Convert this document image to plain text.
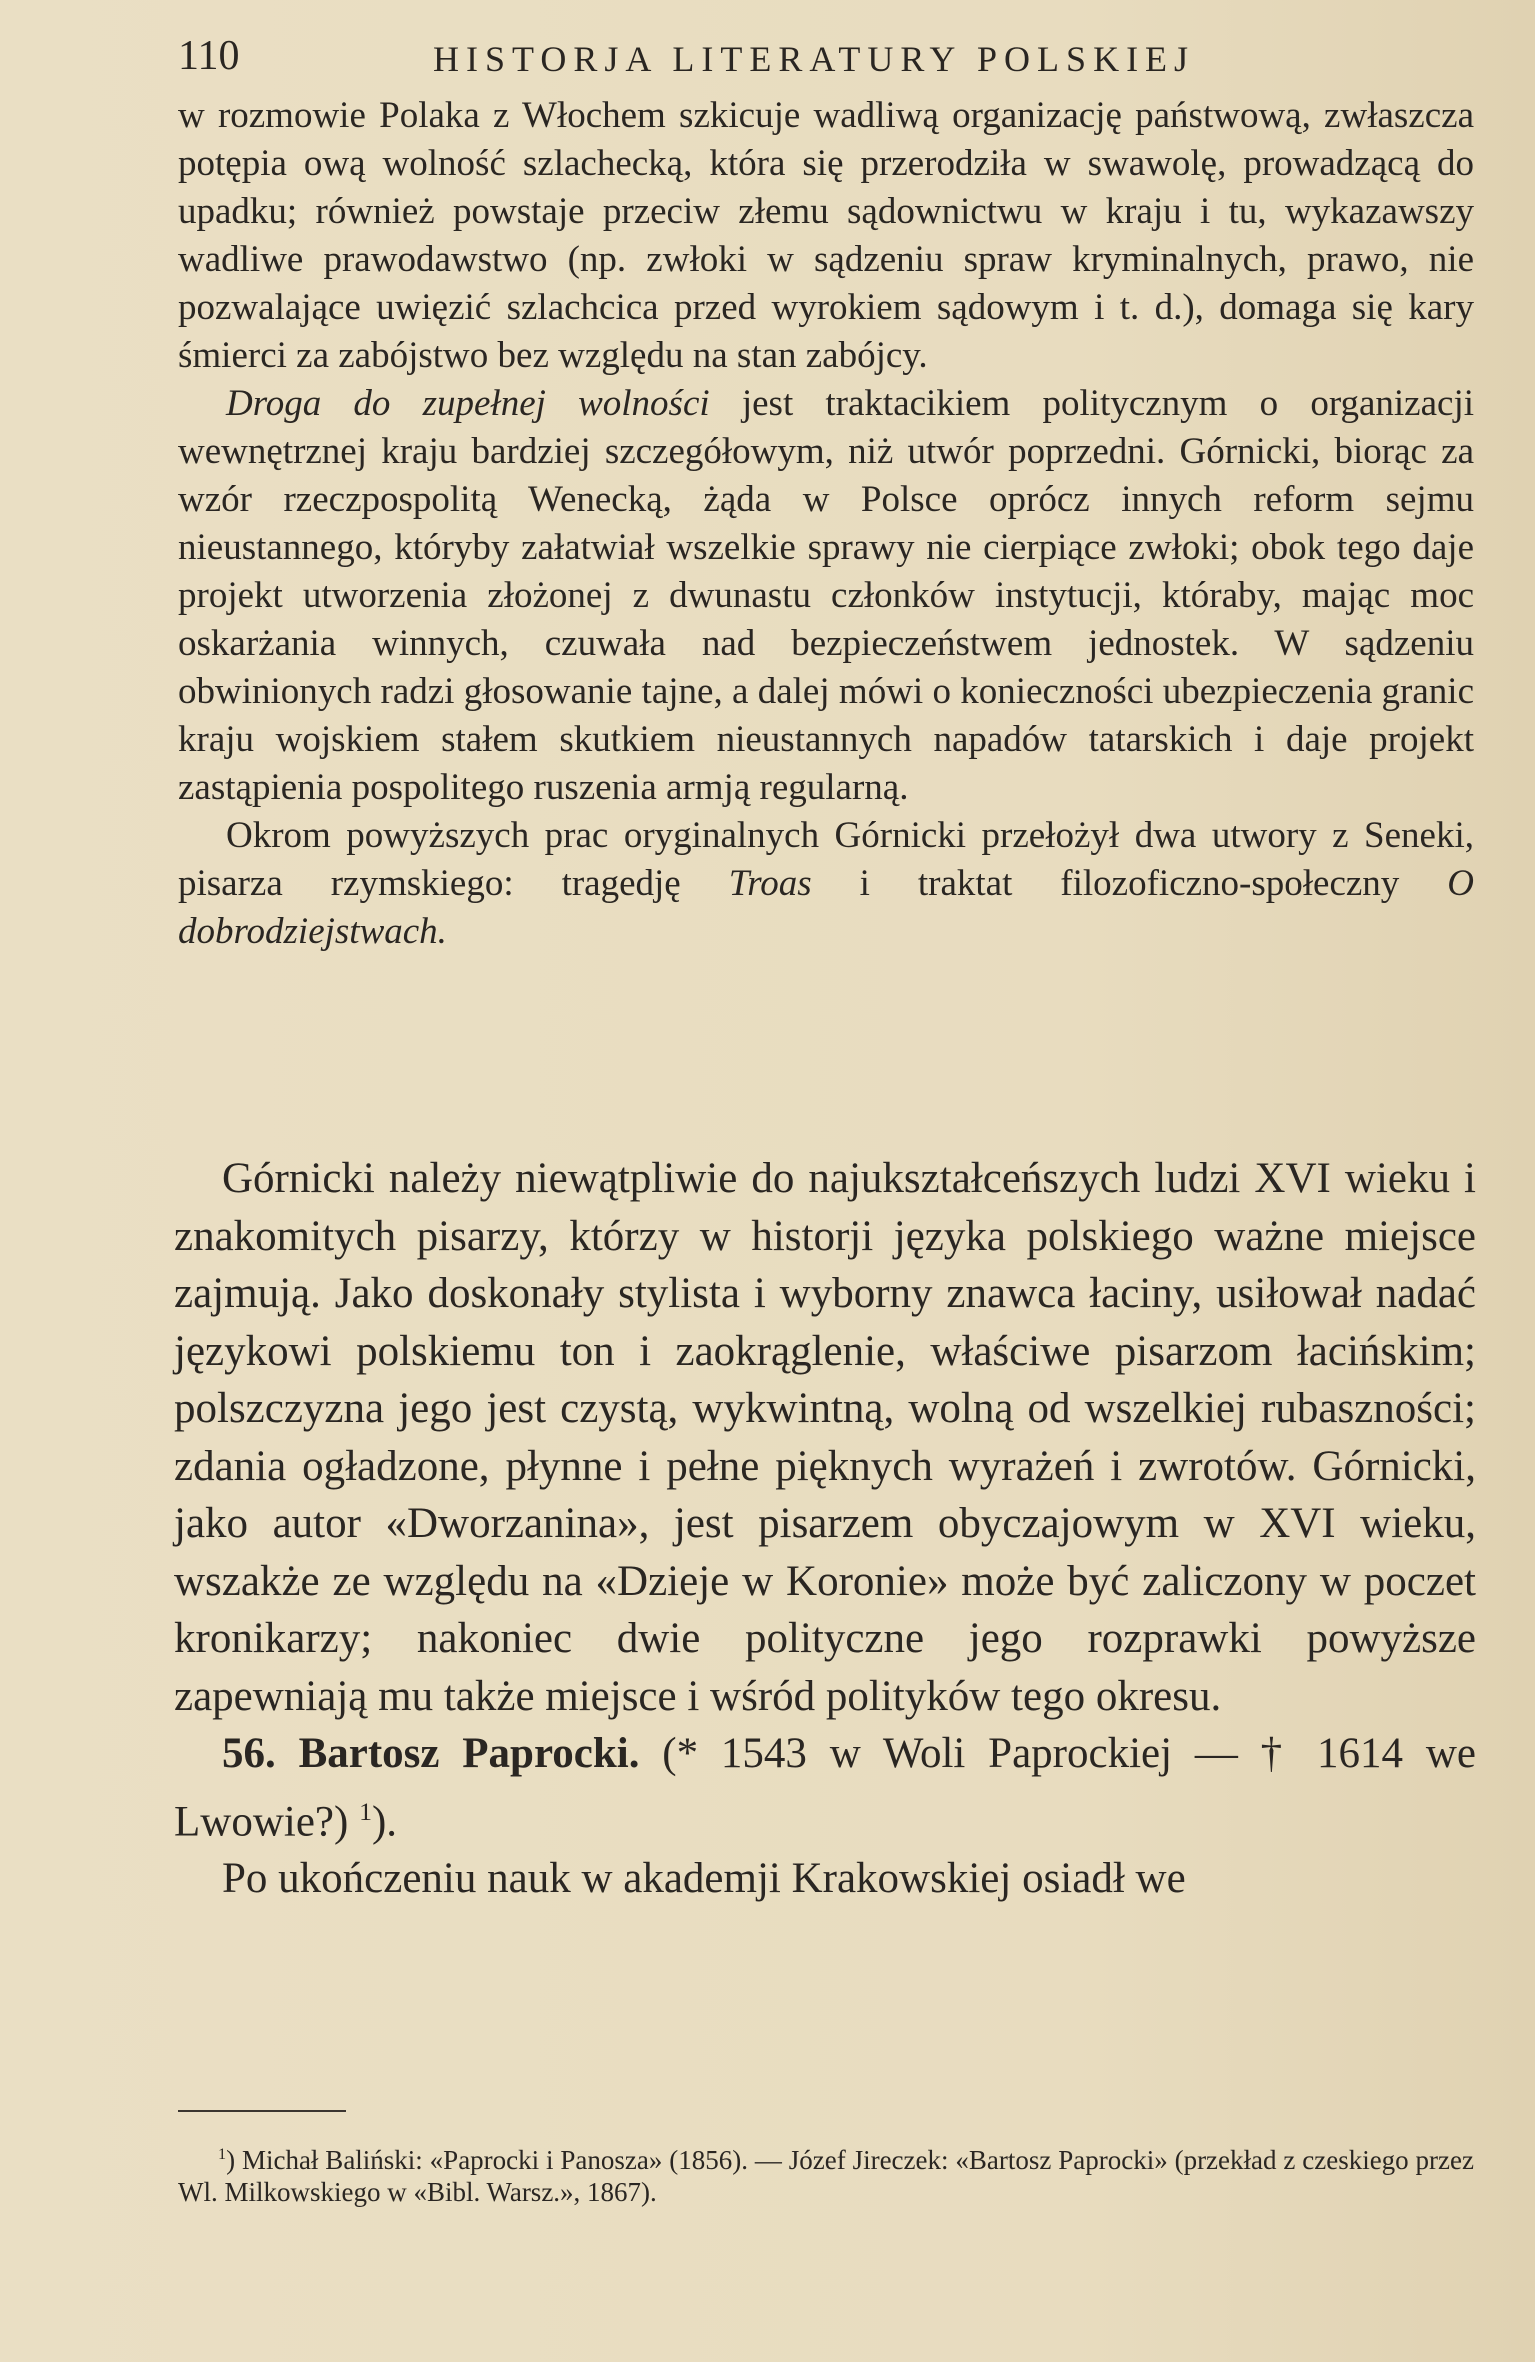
110	HISTORJA LITERATURY POLSKIEJ

w rozmowie Polaka z Włochem szkicuje wadliwą organizację państwową, zwłaszcza potępia ową wolność szlachecką, która się przerodziła w swawolę, prowadzącą do upadku; również powstaje przeciw złemu sądownictwu w kraju i tu, wykazawszy wadliwe prawodawstwo (np. zwłoki w sądzeniu spraw kryminalnych, prawo, nie pozwalające uwięzić szlachcica przed wyrokiem sądowym i t. d.), domaga się kary śmierci za zabójstwo bez względu na stan zabójcy.

Droga do zupełnej wolności jest traktacikiem politycznym o organizacji wewnętrznej kraju bardziej szczegółowym, niż utwór poprzedni. Górnicki, biorąc za wzór rzeczpospolitą Wenecką, żąda w Polsce oprócz innych reform sejmu nieustannego, któryby załatwiał wszelkie sprawy nie cierpiące zwłoki; obok tego daje projekt utworzenia złożonej z dwunastu członków instytucji, któraby, mając moc oskarżania winnych, czuwała nad bezpieczeństwem jednostek. W sądzeniu obwinionych radzi głosowanie tajne, a dalej mówi o konieczności ubezpieczenia granic kraju wojskiem stałem skutkiem nieustannych napadów tatarskich i daje projekt zastąpienia pospolitego ruszenia armją regularną.

Okrom powyższych prac oryginalnych Górnicki przełożył dwa utwory z Seneki, pisarza rzymskiego: tragedję Troas i traktat filozoficzno-społeczny O dobrodziejstwach.

Górnicki należy niewątpliwie do najukształceńszych ludzi XVI wieku i znakomitych pisarzy, którzy w historji języka polskiego ważne miejsce zajmują. Jako doskonały stylista i wyborny znawca łaciny, usiłował nadać językowi polskiemu ton i zaokrąglenie, właściwe pisarzom łacińskim; polszczyzna jego jest czystą, wykwintną, wolną od wszelkiej rubaszności; zdania ogładzone, płynne i pełne pięknych wyrażeń i zwrotów. Górnicki, jako autor «Dworzanina», jest pisarzem obyczajowym w XVI wieku, wszakże ze względu na «Dzieje w Koronie» może być zaliczony w poczet kronikarzy; nakoniec dwie polityczne jego rozprawki powyższe zapewniają mu także miejsce i wśród polityków tego okresu.

56. Bartosz Paprocki. (* 1543 w Woli Paprockiej — † 1614 we Lwowie?) $^1$).

Po ukończeniu nauk w akademji Krakowskiej osiadł we

$^1$) Michał Baliński: «Paprocki i Panosza» (1856). — Józef Jireczek: «Bartosz Paprocki» (przekład z czeskiego przez Wl. Milkowskiego w «Bibl. Warsz.», 1867).
